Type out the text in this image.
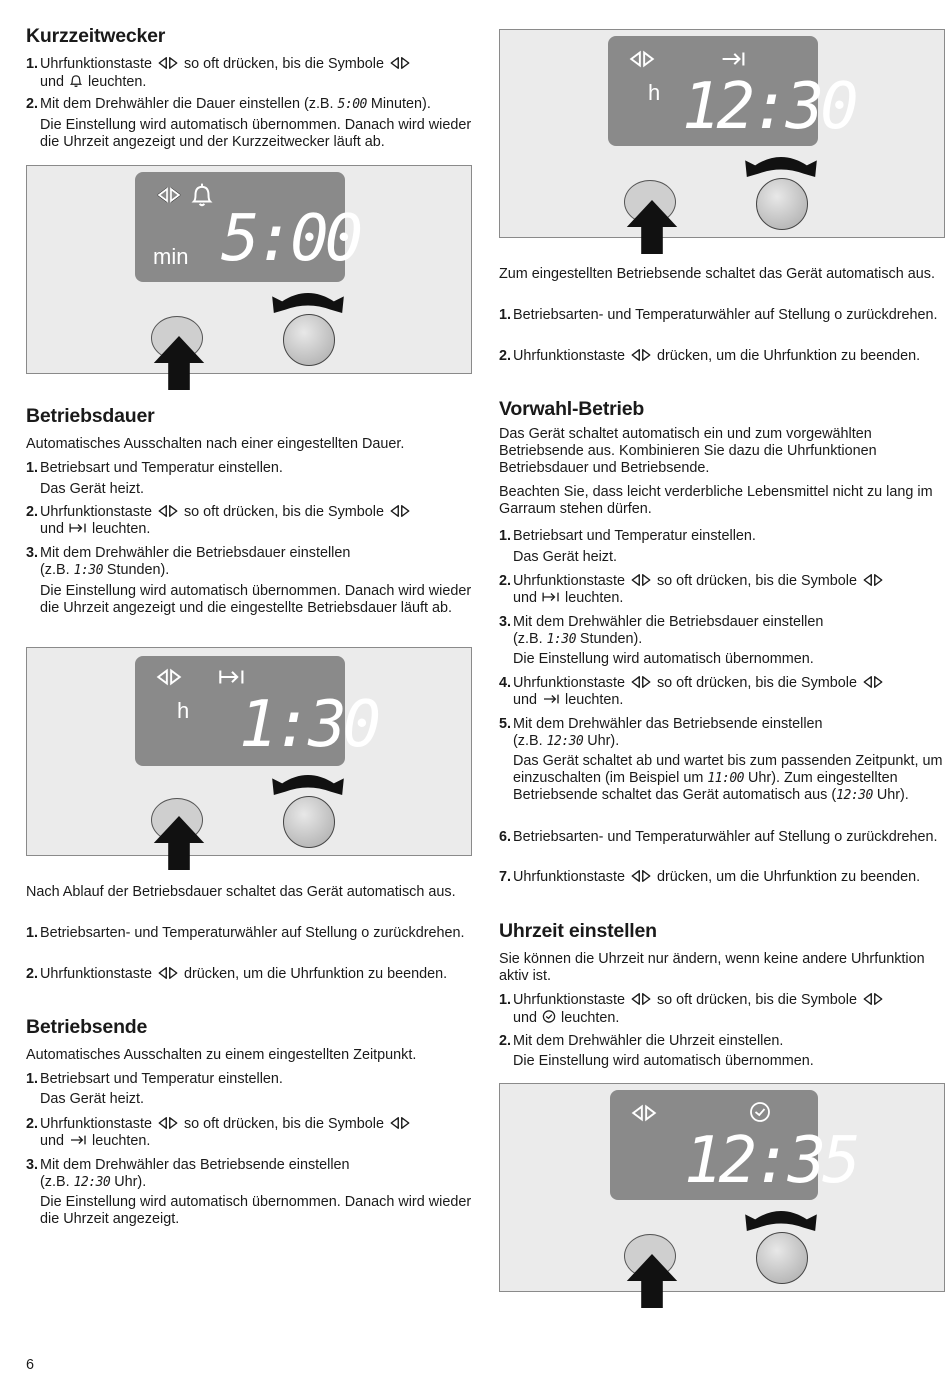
Kurzzeitwecker
1. Uhrfunktionstaste so oft drücken, bis die Symbole
und leuchten.
2. Mit dem Drehwähler die Dauer einstellen (z.B. 5:00 Minuten).
Die Einstellung wird automatisch übernommen. Danach wird wieder die Uhrzeit angezeigt und der Kurzzeitwecker läuft ab.
min 5:00
Betriebsdauer

Automatisches Ausschalten nach einer eingestellten Dauer.

1. Betriebsart und Temperatur einstellen.
Das Gerät heizt.
2. Uhrfunktionstaste so oft drücken, bis die Symbole
und leuchten.
3. Mit dem Drehwähler die Betriebsdauer einstellen
(z.B. 1:30 Stunden).
Die Einstellung wird automatisch übernommen. Danach wird wieder die Uhrzeit angezeigt und die eingestellte Betriebsdauer läuft ab.
h 1:30

Nach Ablauf der Betriebsdauer schaltet das Gerät automatisch aus.

1. Betriebsarten- und Temperaturwähler auf Stellung o zurückdrehen.
2. Uhrfunktionstaste drücken, um die Uhrfunktion zu beenden.
Betriebsende

Automatisches Ausschalten zu einem eingestellten Zeitpunkt.

1. Betriebsart und Temperatur einstellen.
Das Gerät heizt.
2. Uhrfunktionstaste so oft drücken, bis die Symbole
und leuchten.
3. Mit dem Drehwähler das Betriebsende einstellen
(z.B. 12:30 Uhr).
Die Einstellung wird automatisch übernommen. Danach wird wieder die Uhrzeit angezeigt.
h 12:30

Zum eingestellten Betriebsende schaltet das Gerät automatisch aus.

1. Betriebsarten- und Temperaturwähler auf Stellung o zurückdrehen.
2. Uhrfunktionstaste drücken, um die Uhrfunktion zu beenden.
Vorwahl-Betrieb

Das Gerät schaltet automatisch ein und zum vorgewählten Betriebsende aus. Kombinieren Sie dazu die Uhrfunktionen Betriebsdauer und Betriebsende.

Beachten Sie, dass leicht verderbliche Lebensmittel nicht zu lang im Garraum stehen dürfen.

1. Betriebsart und Temperatur einstellen.
Das Gerät heizt.
2. Uhrfunktionstaste so oft drücken, bis die Symbole
und leuchten.
3. Mit dem Drehwähler die Betriebsdauer einstellen
(z.B. 1:30 Stunden).
Die Einstellung wird automatisch übernommen.
4. Uhrfunktionstaste so oft drücken, bis die Symbole
und leuchten.
5. Mit dem Drehwähler das Betriebsende einstellen
(z.B. 12:30 Uhr).
Das Gerät schaltet ab und wartet bis zum passenden Zeitpunkt, um einzuschalten (im Beispiel um 11:00 Uhr). Zum eingestellten Betriebsende schaltet das Gerät automatisch aus (12:30 Uhr).
6. Betriebsarten- und Temperaturwähler auf Stellung o zurückdrehen.
7. Uhrfunktionstaste drücken, um die Uhrfunktion zu beenden.
Uhrzeit einstellen

Sie können die Uhrzeit nur ändern, wenn keine andere Uhrfunktion aktiv ist.

1. Uhrfunktionstaste so oft drücken, bis die Symbole
und leuchten.
2. Mit dem Drehwähler die Uhrzeit einstellen.
Die Einstellung wird automatisch übernommen.
12:35
6
